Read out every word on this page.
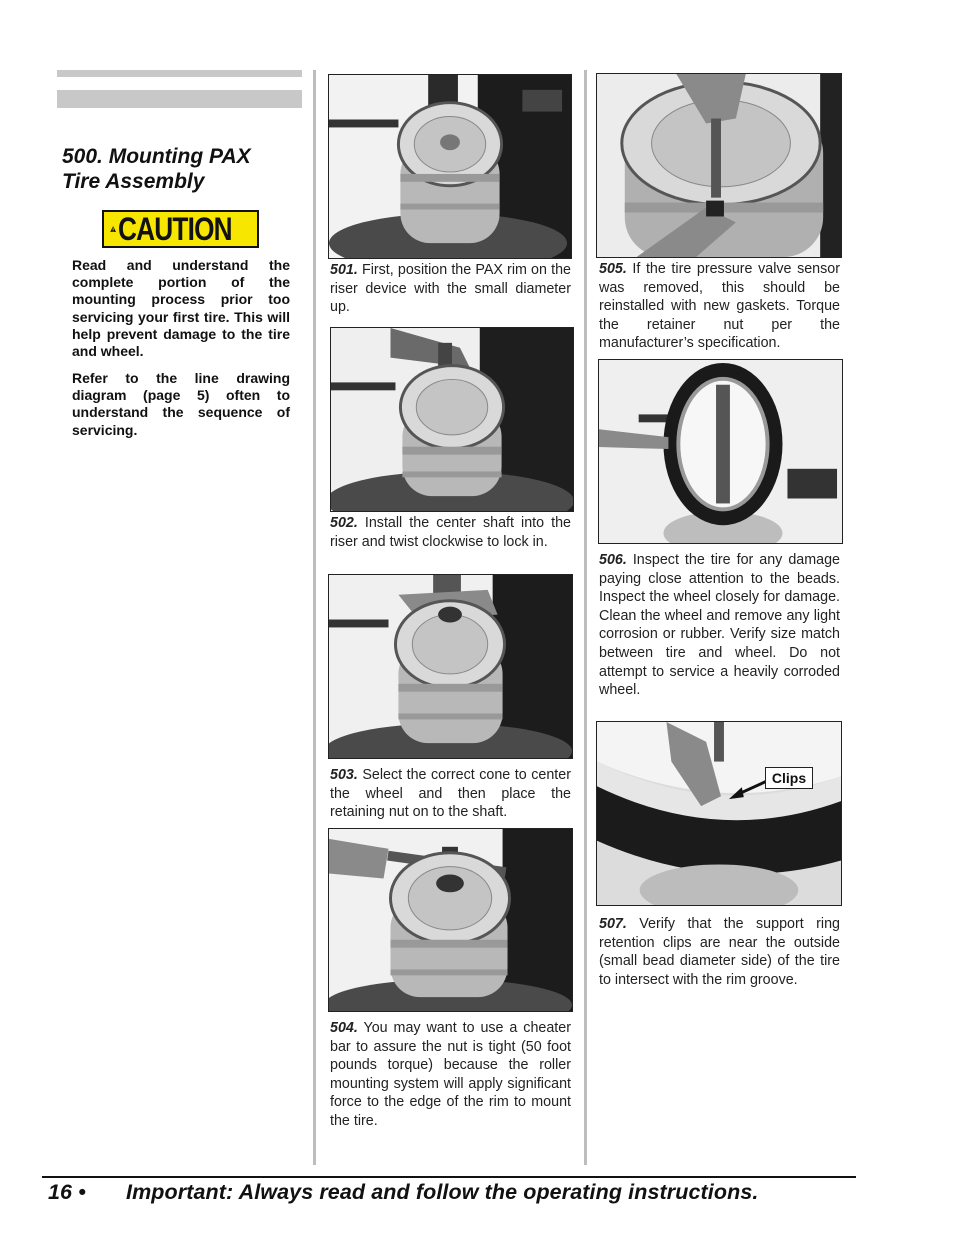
500. Mounting PAX
Tire Assembly
CAUTION

Read and understand the complete portion of the mounting process prior too servicing your first tire. This will help prevent damage to the tire and wheel.

Refer to the line drawing diagram (page 5) often to understand the sequence of servicing.

501. First, position the PAX rim on the riser device with the small diameter up.

502. Install the center shaft into the riser and twist clockwise to lock in.

503. Select the correct cone to center the wheel and then place the retaining nut on to the shaft.

504. You may want to use a cheater bar to assure the nut is tight (50 foot pounds torque) because the roller mounting system will apply significant force to the edge of the rim to mount the tire.

505. If the tire pressure valve sensor was removed, this should be reinstalled with new gaskets. Torque the retainer nut per the manufacturer’s specification.

506. Inspect the tire for any damage paying close attention to the beads. Inspect the wheel closely for damage. Clean the wheel and remove any light corrosion or rubber. Verify size match between tire and wheel. Do not attempt to service a heavily corroded wheel.

Clips

507. Verify that the support ring retention clips are near the outside (small bead diameter side) of the tire to intersect with the rim groove.

16 • Important: Always read and follow the operating instructions.
